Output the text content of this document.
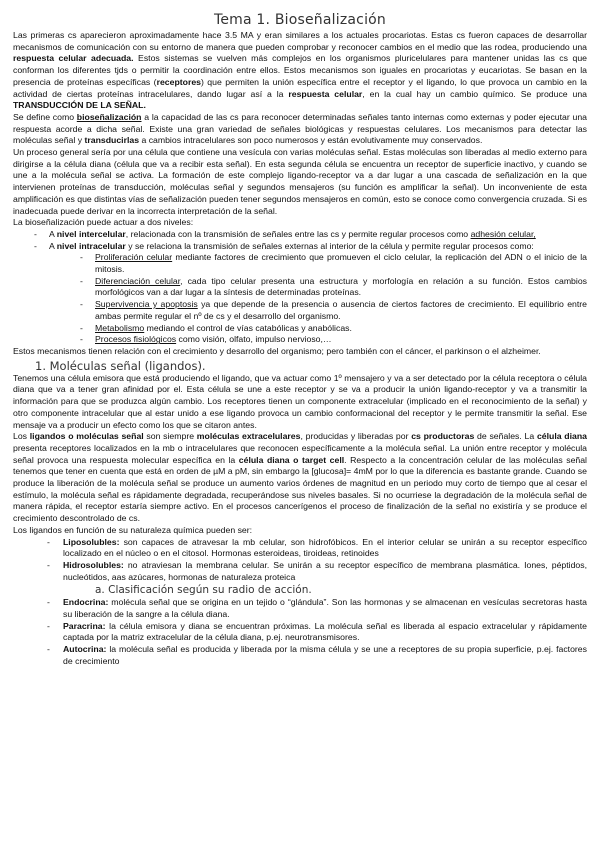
Tema 1. Bioseñalización

Las primeras cs aparecieron aproximadamente hace 3.5 MA y eran similares a los actuales procariotas. Estas cs fueron capaces de desarrollar mecanismos de comunicación con su entorno de manera que pueden comprobar y reconocer cambios en el medio que las rodea, produciendo una respuesta celular adecuada. Estos sistemas se vuelven más complejos en los organismos pluricelulares para mantener unidas las cs que conforman los diferentes tjds o permitir la coordinación entre ellos. Estos mecanismos son iguales en procariotas y eucariotas. Se basan en la presencia de proteínas específicas (receptores) que permiten la unión específica entre el receptor y el ligando, lo que provoca un cambio en la actividad de ciertas proteínas intracelulares, dando lugar así a la respuesta celular, en la cual hay un cambio químico. Se produce una TRANSDUCCIÓN DE LA SEÑAL.

Se define como bioseñalización a la capacidad de las cs para reconocer determinadas señales tanto internas como externas y poder ejecutar una respuesta acorde a dicha señal. Existe una gran variedad de señales biológicas y respuestas celulares. Los mecanismos para detectar las moléculas señal y transducirlas a cambios intracelulares son poco numerosos y están evolutivamente muy conservados.

Un proceso general sería por una célula que contiene una vesícula con varias moléculas señal. Estas moléculas son liberadas al medio externo para dirigirse a la célula diana (célula que va a recibir esta señal). En esta segunda célula se encuentra un receptor de superficie inactivo, y cuando se une a la molécula señal se activa. La formación de este complejo ligando-receptor va a dar lugar a una cascada de señalización en la que intervienen proteínas de transducción, moléculas señal y segundos mensajeros (su función es amplificar la señal). Un inconveniente de esta amplificación es que distintas vías de señalización pueden tener segundos mensajeros en común, esto se conoce como convergencia cruzada. Si es inadecuada puede derivar en la incorrecta interpretación de la señal.

La bioseñalización puede actuar a dos niveles:

- A nivel intercelular, relacionada con la transmisión de señales entre las cs y permite regular procesos como adhesión celular,
- A nivel intracelular y se relaciona la transmisión de señales externas al interior de la célula y permite regular procesos como:
- Proliferación celular mediante factores de crecimiento que promueven el ciclo celular, la replicación del ADN o el inicio de la mitosis.
- Diferenciación celular, cada tipo celular presenta una estructura y morfología en relación a su función. Estos cambios morfológicos van a dar lugar a la síntesis de determinadas proteínas.
- Supervivencia y apoptosis ya que depende de la presencia o ausencia de ciertos factores de crecimiento. El equilibrio entre ambas permite regular el nº de cs y el desarrollo del organismo.
- Metabolismo mediando el control de vías catabólicas y anabólicas.
- Procesos fisiológicos como visión, olfato, impulso nervioso,…

Estos mecanismos tienen relación con el crecimiento y desarrollo del organismo; pero también con el cáncer, el parkinson o el alzheimer.

1. Moléculas señal (ligandos).

Tenemos una célula emisora que está produciendo el ligando, que va actuar como 1º mensajero y va a ser detectado por la célula receptora o célula diana que va a tener gran afinidad por el. Esta célula se une a este receptor y se va a producir la unión ligando-receptor y va a transmitir la información para que se produzca algún cambio. Los receptores tienen un componente extracelular (implicado en el reconocimiento de la señal) y otro componente intracelular que al estar unido a ese ligando provoca un cambio conformacional del receptor y le permite transmitir la señal. Ese mensaje va a producir un efecto como los que se citaron antes.

Los ligandos o moléculas señal son siempre moléculas extracelulares, producidas y liberadas por cs productoras de señales. La célula diana presenta receptores localizados en la mb o intracelulares que reconocen específicamente a la molécula señal. La unión entre receptor y molécula señal provoca una respuesta molecular específica en la célula diana o target cell. Respecto a la concentración celular de las moléculas señal tenemos que tener en cuenta que está en orden de µM a pM, sin embargo la [glucosa]= 4mM por lo que la diferencia es bastante grande. Cuando se produce la liberación de la molécula señal se produce un aumento varios órdenes de magnitud en un periodo muy corto de tiempo que al cesar el estímulo, la molécula señal es rápidamente degradada, recuperándose sus niveles basales. Si no ocurriese la degradación de la molécula señal de manera rápida, el receptor estaría siempre activo. En el procesos cancerígenos el proceso de finalización de la señal no existiría y se produce el crecimiento descontrolado de cs.

Los ligandos en función de su naturaleza química pueden ser:

- Liposolubles: son capaces de atravesar la mb celular, son hidrofóbicos. En el interior celular se unirán a su receptor específico localizado en el núcleo o en el citosol. Hormonas esteroideas, tiroideas, retinoides
- Hidrosolubles: no atraviesan la membrana celular. Se unirán a su receptor específico de membrana plasmática. Iones, péptidos, nucleótidos, aas azúcares, hormonas de naturaleza proteica
a. Clasificación según su radio de acción.
- Endocrina: molécula señal que se origina en un tejido o “glándula”. Son las hormonas y se almacenan en vesículas secretoras hasta su liberación de la sangre a la célula diana.
- Paracrina: la célula emisora y diana se encuentran próximas. La molécula señal es liberada al espacio extracelular y rápidamente captada por la matriz extracelular de la célula diana, p.ej. neurotransmisores.
- Autocrina: la molécula señal es producida y liberada por la misma célula y se une a receptores de su propia superficie, p.ej. factores de crecimiento
